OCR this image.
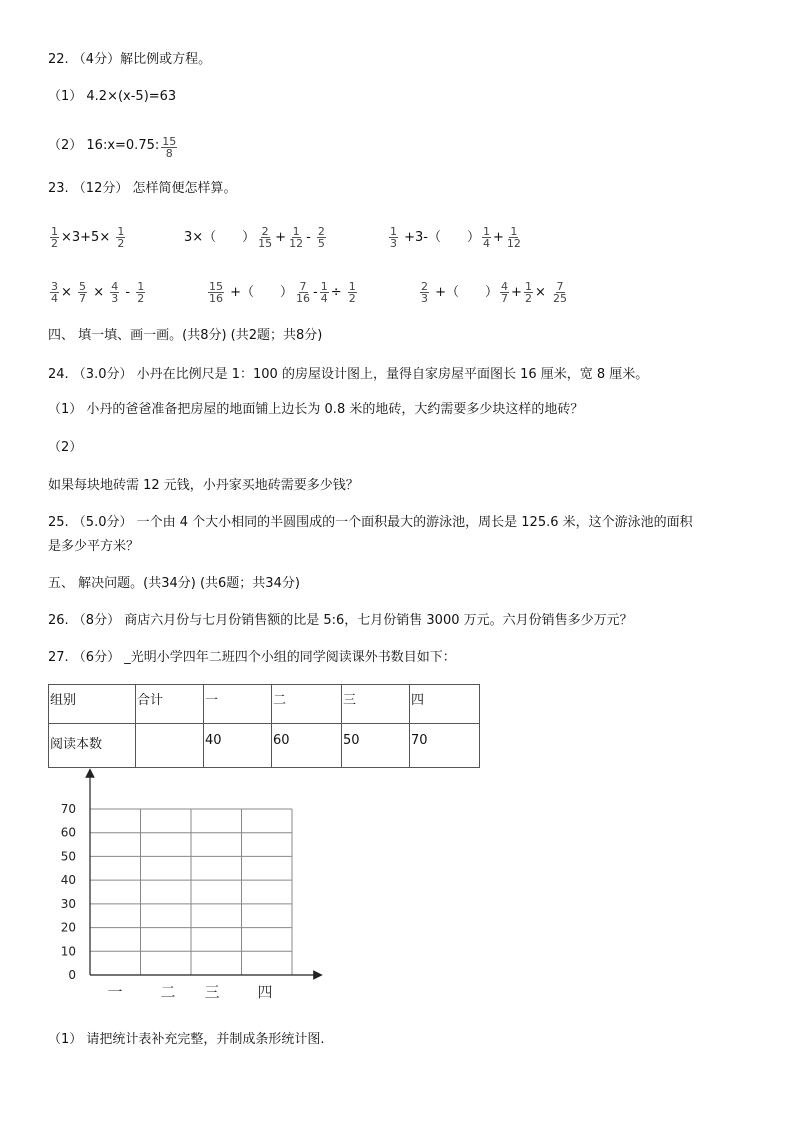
22. （4分）解比例或方程。
（1） 4.2×(x-5)=63
（2） 16:x=0.75: $\frac{15}{8}$
23. （12分） 怎样简便怎样算。
$\frac{1}{2} \times 3+5\times \frac{1}{2}$	3×（　　） $\frac{2}{15} + \frac{1}{12} - \frac{2}{5}$	$\frac{1}{3} +3-$（　　） $\frac{1}{4} + \frac{1}{12}$
$\frac{3}{4} \times \frac{5}{7} \times \frac{4}{3} - \frac{1}{2}$	$\frac{15}{16}$ +（　　） $\frac{7}{16} - \frac{1}{4} \div \frac{1}{2}$	$\frac{2}{3}$ +（　　） $\frac{4}{7} + \frac{1}{2} \times \frac{7}{25}$
四、 填一填、画一画。(共8分) (共2题；共8分)
24. （3.0分） 小丹在比例尺是 1：100 的房屋设计图上，量得自家房屋平面图长 16 厘米，宽 8 厘米。
（1） 小丹的爸爸准备把房屋的地面铺上边长为 0.8 米的地砖，大约需要多少块这样的地砖？
（2）
如果每块地砖需 12 元钱，小丹家买地砖需要多少钱？
25. （5.0分） 一个由 4 个大小相同的半圆围成的一个面积最大的游泳池，周长是 125.6 米，这个游泳池的面积
是多少平方米？
五、 解决问题。(共34分) (共6题；共34分)
26. （8分） 商店六月份与七月份销售额的比是 5:6，七月份销售 3000 万元。六月份销售多少万元？
27. （6分） _光明小学四年二班四个小组的同学阅读课外书数目如下：
组别	合计	一	二	三	四
阅读本数		40	60	50	70
0
10
20
30
40
50
60
70
一	二 三	四
（1） 请把统计表补充完整，并制成条形统计图.
